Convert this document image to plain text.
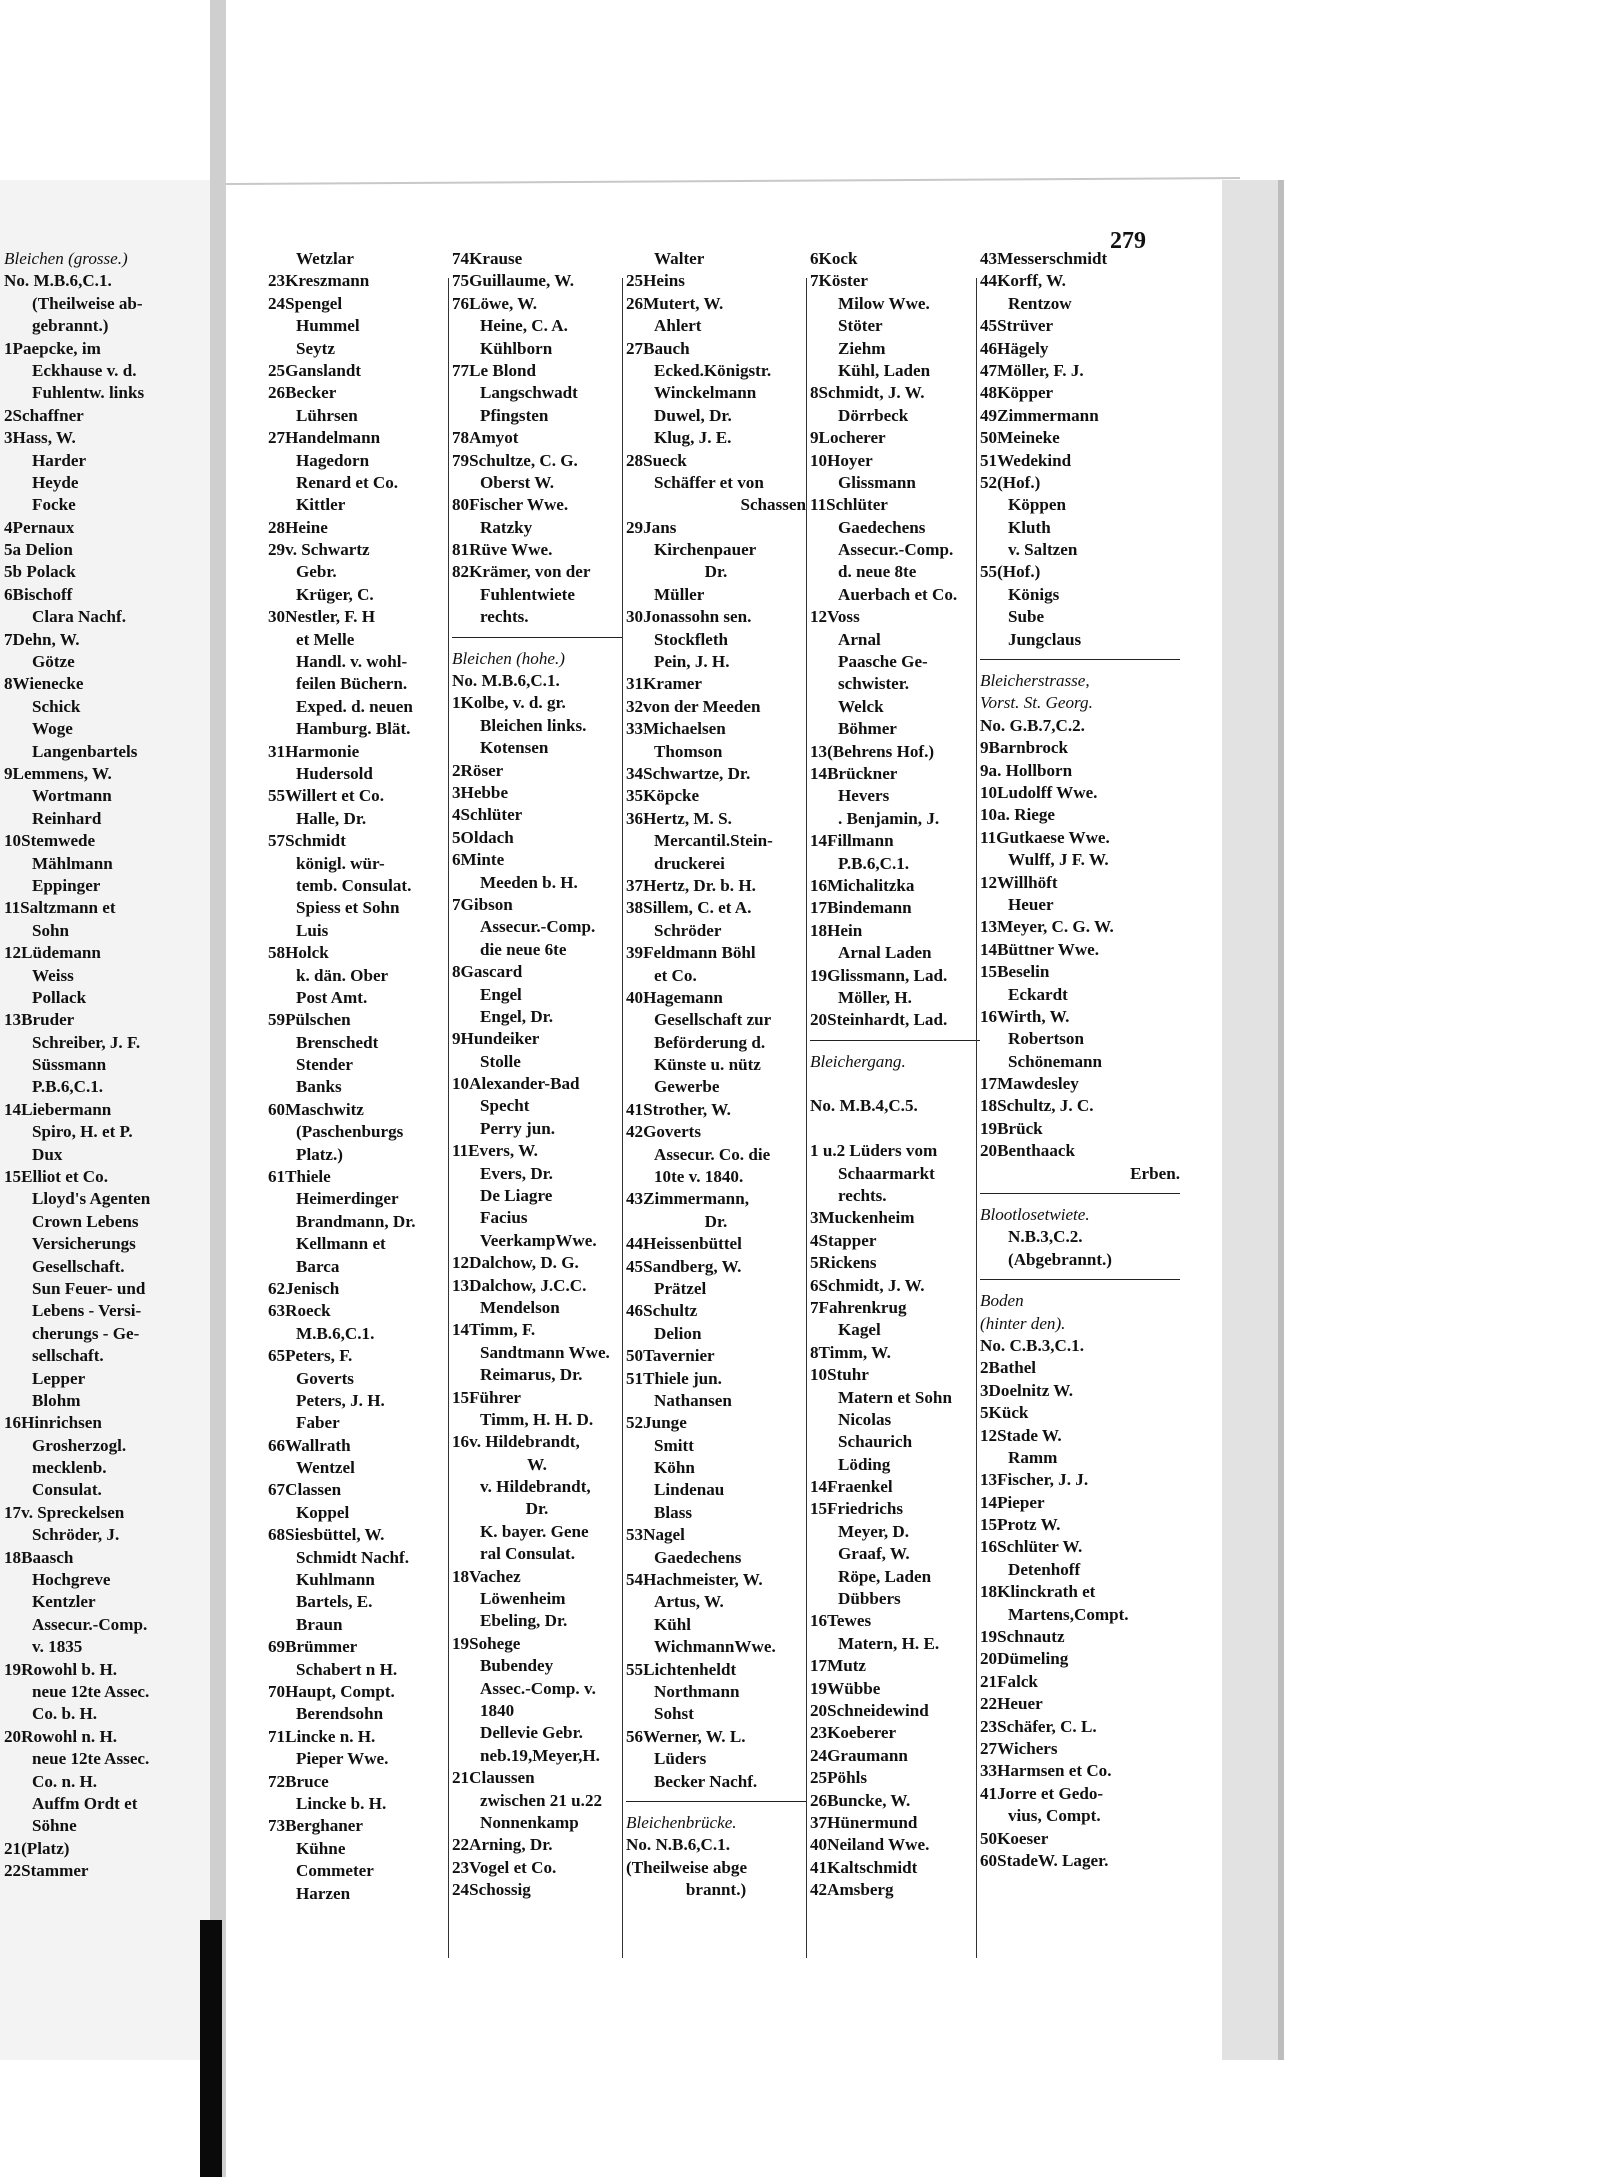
279
Bleichen (grosse.)
No. M.B.6,C.1.
(Theilweise ab-
gebrannt.)
1Paepcke, im
Eckhause v. d.
Fuhlentw. links
2Schaffner
3Hass, W.
Harder
Heyde
Focke
4Pernaux
5a Delion
5b Polack
6Bischoff
Clara Nachf.
7Dehn, W.
Götze
8Wienecke
Schick
Woge
Langenbartels
9Lemmens, W.
Wortmann
Reinhard
10Stemwede
Mählmann
Eppinger
11Saltzmann et
Sohn
12Lüdemann
Weiss
Pollack
13Bruder
Schreiber, J. F.
Süssmann
P.B.6,C.1.
14Liebermann
Spiro, H. et P.
Dux
15Elliot et Co.
Lloyd's Agenten
Crown Lebens
Versicherungs
Gesellschaft.
Sun Feuer- und
Lebens - Versi-
cherungs - Ge-
sellschaft.
Lepper
Blohm
16Hinrichsen
Grosherzogl.
mecklenb.
Consulat.
17v. Spreckelsen
Schröder, J.
18Baasch
Hochgreve
Kentzler
Assecur.-Comp.
v. 1835
19Rowohl b. H.
neue 12te Assec.
Co. b. H.
20Rowohl n. H.
neue 12te Assec.
Co. n. H.
Auffm Ordt et
Söhne
21(Platz)
22Stammer
Wetzlar
23Kreszmann
24Spengel
Hummel
Seytz
25Ganslandt
26Becker
Lührsen
27Handelmann
Hagedorn
Renard et Co.
Kittler
28Heine
29v. Schwartz
Gebr.
Krüger, C.
30Nestler, F. H
et Melle
Handl. v. wohl-
feilen Büchern.
Exped. d. neuen
Hamburg. Blät.
31Harmonie
Hudersold
55Willert et Co.
Halle, Dr.
57Schmidt
königl. wür-
temb. Consulat.
Spiess et Sohn
Luis
58Holck
k. dän. Ober
Post Amt.
59Pülschen
Brenschedt
Stender
Banks
60Maschwitz
(Paschenburgs
Platz.)
61Thiele
Heimerdinger
Brandmann, Dr.
Kellmann et
Barca
62Jenisch
63Roeck
M.B.6,C.1.
65Peters, F.
Goverts
Peters, J. H.
Faber
66Wallrath
Wentzel
67Classen
Koppel
68Siesbüttel, W.
Schmidt Nachf.
Kuhlmann
Bartels, E.
Braun
69Brümmer
Schabert n H.
70Haupt, Compt.
Berendsohn
71Lincke n. H.
Pieper Wwe.
72Bruce
Lincke b. H.
73Berghaner
Kühne
Commeter
Harzen
74Krause
75Guillaume, W.
76Löwe, W.
Heine, C. A.
Kühlborn
77Le Blond
Langschwadt
Pfingsten
78Amyot
79Schultze, C. G.
Oberst W.
80Fischer Wwe.
Ratzky
81Rüve Wwe.
82Krämer, von der
Fuhlentwiete
rechts.
Bleichen (hohe.)
No. M.B.6,C.1.
1Kolbe, v. d. gr.
Bleichen links.
Kotensen
2Röser
3Hebbe
4Schlüter
5Oldach
6Minte
Meeden b. H.
7Gibson
Assecur.-Comp.
die neue 6te
8Gascard
Engel
Engel, Dr.
9Hundeiker
Stolle
10Alexander-Bad
Specht
Perry jun.
11Evers, W.
Evers, Dr.
De Liagre
Facius
VeerkampWwe.
12Dalchow, D. G.
13Dalchow, J.C.C.
Mendelson
14Timm, F.
Sandtmann Wwe.
Reimarus, Dr.
15Führer
Timm, H. H. D.
16v. Hildebrandt,
W.
v. Hildebrandt,
Dr.
K. bayer. Gene
ral Consulat.
18Vachez
Löwenheim
Ebeling, Dr.
19Sohege
Bubendey
Assec.-Comp. v.
1840
Dellevie Gebr.
neb.19,Meyer,H.
21Claussen
zwischen 21 u.22
Nonnenkamp
22Arning, Dr.
23Vogel et Co.
24Schossig
Walter
25Heins
26Mutert, W.
Ahlert
27Bauch
Ecked.Königstr.
Winckelmann
Duwel, Dr.
Klug, J. E.
28Sueck
Schäffer et von
Schassen
29Jans
Kirchenpauer
Dr.
Müller
30Jonassohn sen.
Stockfleth
Pein, J. H.
31Kramer
32von der Meeden
33Michaelsen
Thomson
34Schwartze, Dr.
35Köpcke
36Hertz, M. S.
Mercantil.Stein-
druckerei
37Hertz, Dr. b. H.
38Sillem, C. et A.
Schröder
39Feldmann Böhl
et Co.
40Hagemann
Gesellschaft zur
Beförderung d.
Künste u. nütz
Gewerbe
41Strother, W.
42Goverts
Assecur. Co. die
10te v. 1840.
43Zimmermann,
Dr.
44Heissenbüttel
45Sandberg, W.
Prätzel
46Schultz
Delion
50Tavernier
51Thiele jun.
Nathansen
52Junge
Smitt
Köhn
Lindenau
Blass
53Nagel
Gaedechens
54Hachmeister, W.
Artus, W.
Kühl
WichmannWwe.
55Lichtenheldt
Northmann
Sohst
56Werner, W. L.
Lüders
Becker Nachf.
Bleichenbrücke.
No. N.B.6,C.1.
(Theilweise abge
brannt.)
6Kock
7Köster
Milow Wwe.
Stöter
Ziehm
Kühl, Laden
8Schmidt, J. W.
Dörrbeck
9Locherer
10Hoyer
Glissmann
11Schlüter
Gaedechens
Assecur.-Comp.
d. neue 8te
Auerbach et Co.
12Voss
Arnal
Paasche Ge-
schwister.
Welck
Böhmer
13(Behrens Hof.)
14Brückner
Hevers
. Benjamin, J.
14Fillmann
P.B.6,C.1.
16Michalitzka
17Bindemann
18Hein
Arnal Laden
19Glissmann, Lad.
Möller, H.
20Steinhardt, Lad.
Bleichergang.
No. M.B.4,C.5.
1 u.2 Lüders vom
Schaarmarkt
rechts.
3Muckenheim
4Stapper
5Rickens
6Schmidt, J. W.
7Fahrenkrug
Kagel
8Timm, W.
10Stuhr
Matern et Sohn
Nicolas
Schaurich
Löding
14Fraenkel
15Friedrichs
Meyer, D.
Graaf, W.
Röpe, Laden
Dübbers
16Tewes
Matern, H. E.
17Mutz
19Wübbe
20Schneidewind
23Koeberer
24Graumann
25Pöhls
26Buncke, W.
37Hünermund
40Neiland Wwe.
41Kaltschmidt
42Amsberg
43Messerschmidt
44Korff, W.
Rentzow
45Strüver
46Hägely
47Möller, F. J.
48Köpper
49Zimmermann
50Meineke
51Wedekind
52(Hof.)
Köppen
Kluth
v. Saltzen
55(Hof.)
Königs
Sube
Jungclaus
Bleicherstrasse,
Vorst. St. Georg.
No. G.B.7,C.2.
9Barnbrock
9a. Hollborn
10Ludolff Wwe.
10a. Riege
11Gutkaese Wwe.
Wulff, J F. W.
12Willhöft
Heuer
13Meyer, C. G. W.
14Büttner Wwe.
15Beselin
Eckardt
16Wirth, W.
Robertson
Schönemann
17Mawdesley
18Schultz, J. C.
19Brück
20Benthaack
Erben.
Blootlosetwiete.
N.B.3,C.2.
(Abgebrannt.)
Boden
(hinter den).
No. C.B.3,C.1.
2Bathel
3Doelnitz W.
5Kück
12Stade W.
Ramm
13Fischer, J. J.
14Pieper
15Protz W.
16Schlüter W.
Detenhoff
18Klinckrath et
Martens,Compt.
19Schnautz
20Dümeling
21Falck
22Heuer
23Schäfer, C. L.
27Wichers
33Harmsen et Co.
41Jorre et Gedo-
vius, Compt.
50Koeser
60StadeW. Lager.
